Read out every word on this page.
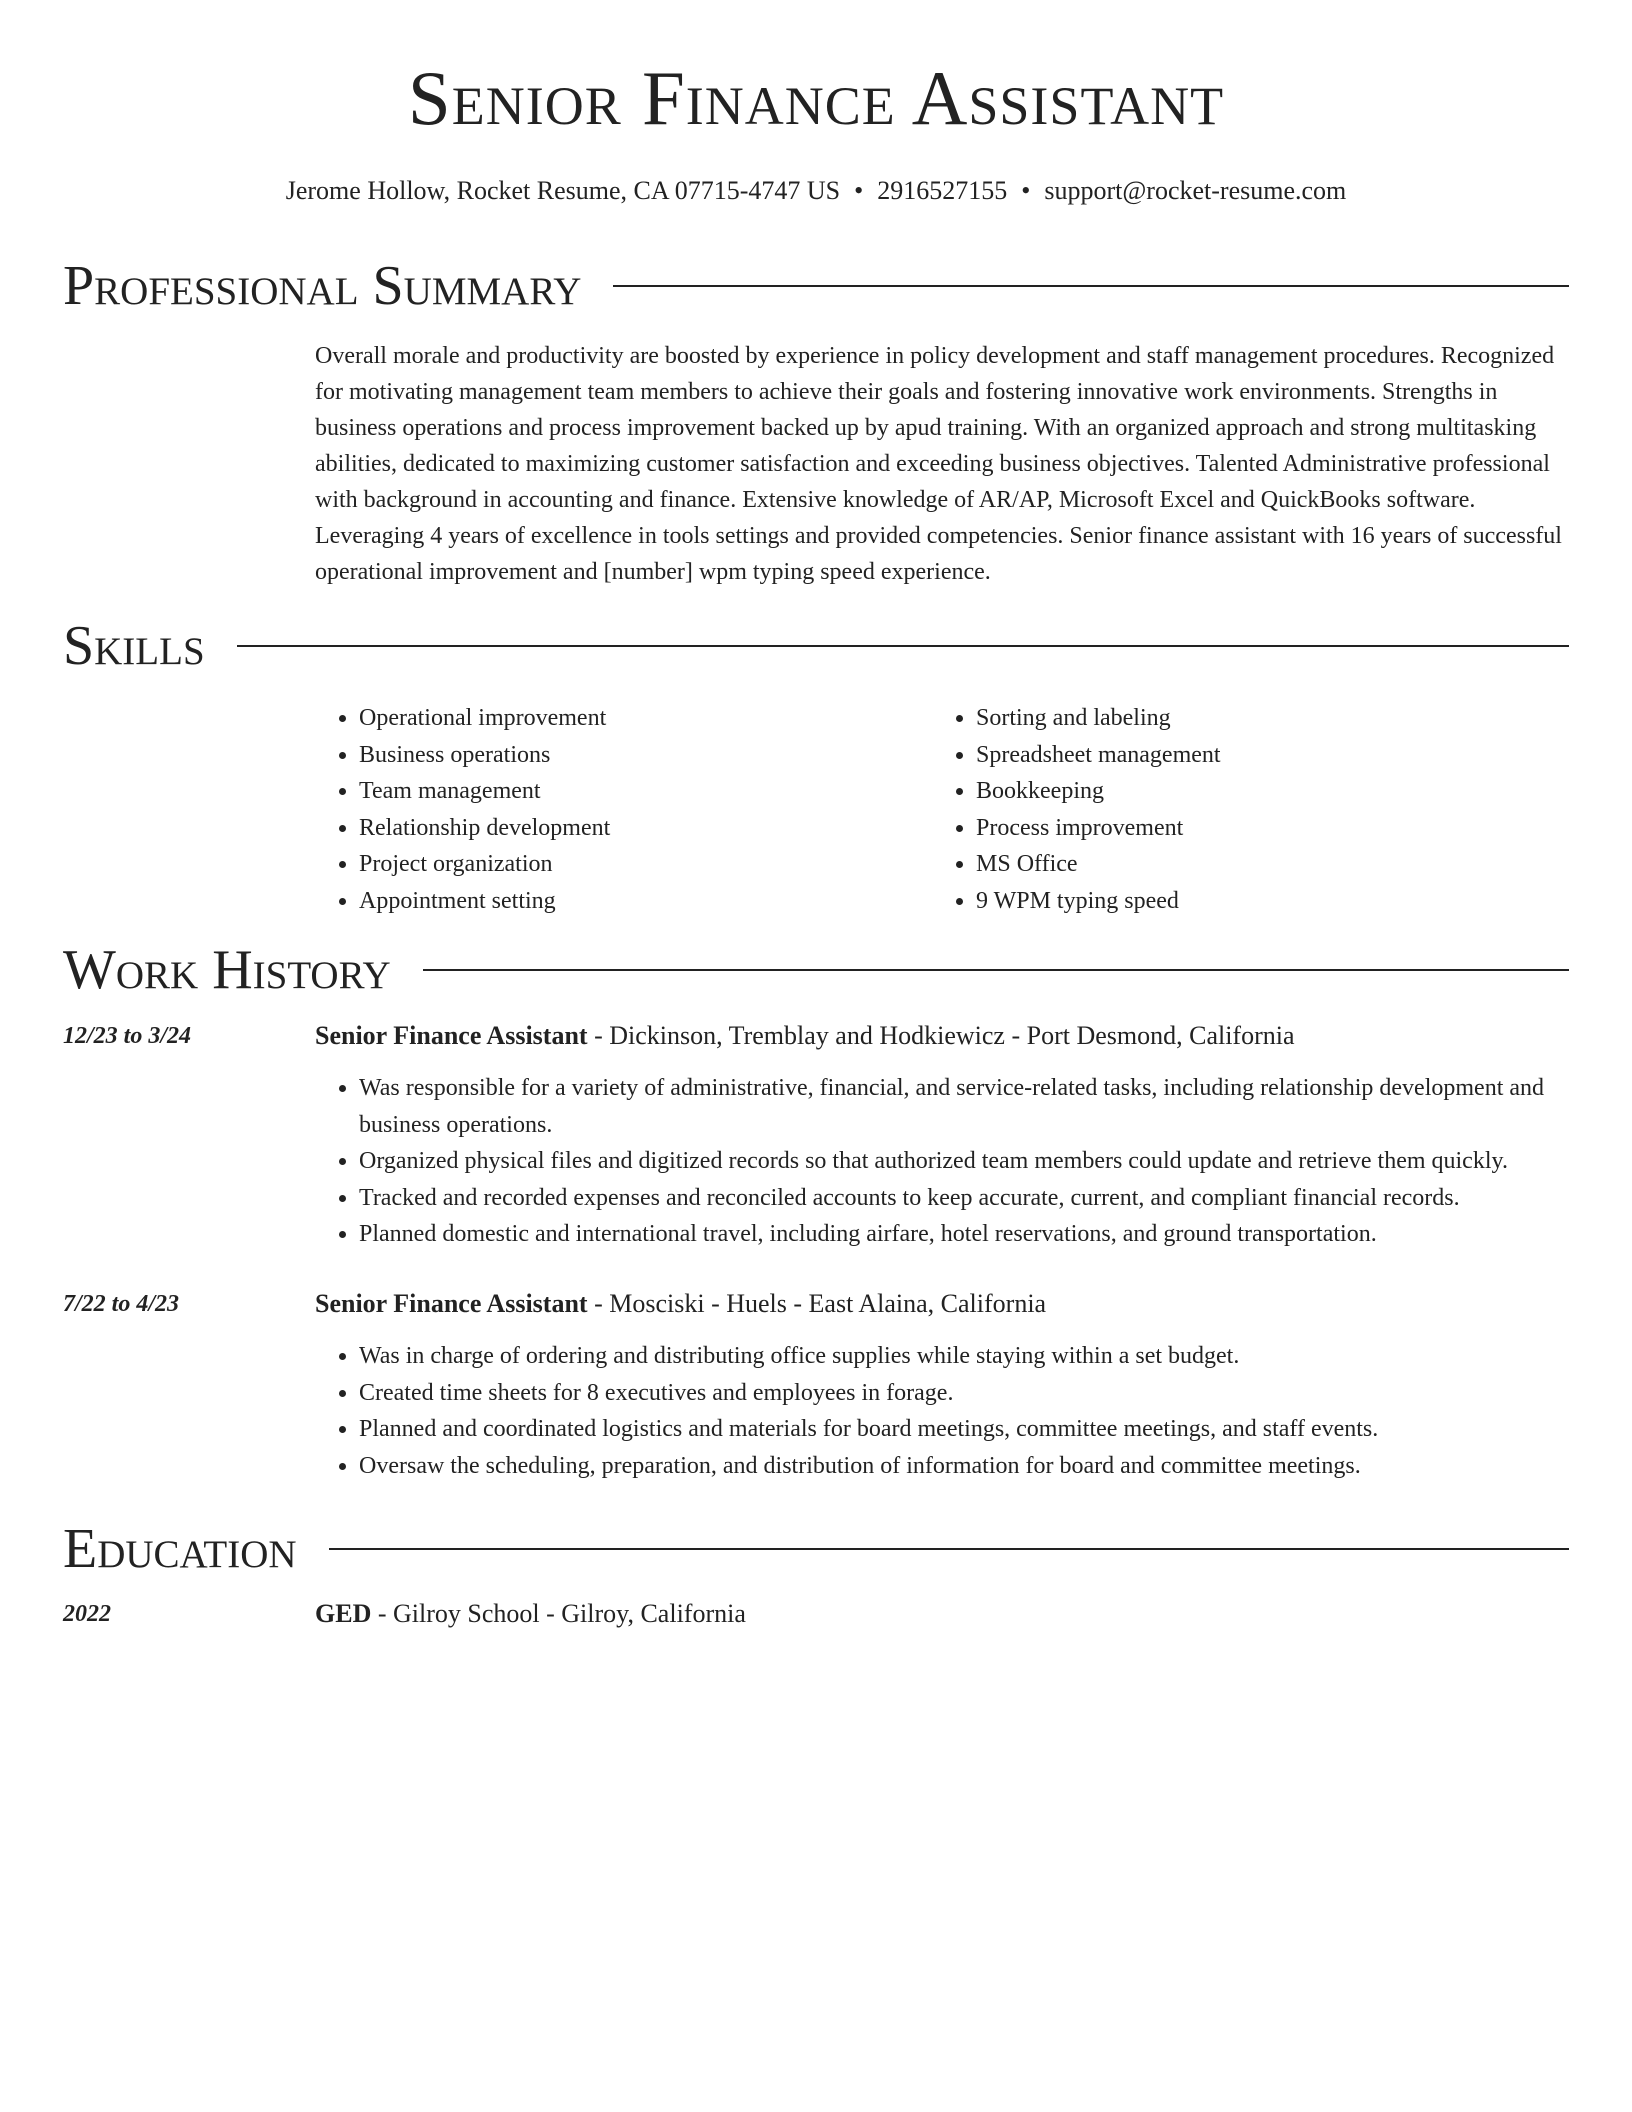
Senior Finance Assistant
Jerome Hollow, Rocket Resume, CA 07715-4747 US • 2916527155 • support@rocket-resume.com
Professional Summary

Overall morale and productivity are boosted by experience in policy development and staff management procedures. Recognized for motivating management team members to achieve their goals and fostering innovative work environments. Strengths in business operations and process improvement backed up by apud training. With an organized approach and strong multitasking abilities, dedicated to maximizing customer satisfaction and exceeding business objectives. Talented Administrative professional with background in accounting and finance. Extensive knowledge of AR/AP, Microsoft Excel and QuickBooks software. Leveraging 4 years of excellence in tools settings and provided competencies. Senior finance assistant with 16 years of successful operational improvement and [number] wpm typing speed experience.

Skills
• Operational improvement
• Business operations
• Team management
• Relationship development
• Project organization
• Appointment setting
• Sorting and labeling
• Spreadsheet management
• Bookkeeping
• Process improvement
• MS Office
• 9 WPM typing speed
Work History
12/23 to 3/24	Senior Finance Assistant - Dickinson, Tremblay and Hodkiewicz - Port Desmond, California
• Was responsible for a variety of administrative, financial, and service-related tasks, including relationship development and business operations.
• Organized physical files and digitized records so that authorized team members could update and retrieve them quickly.
• Tracked and recorded expenses and reconciled accounts to keep accurate, current, and compliant financial records.
• Planned domestic and international travel, including airfare, hotel reservations, and ground transportation.
7/22 to 4/23	Senior Finance Assistant - Mosciski - Huels - East Alaina, California
• Was in charge of ordering and distributing office supplies while staying within a set budget.
• Created time sheets for 8 executives and employees in forage.
• Planned and coordinated logistics and materials for board meetings, committee meetings, and staff events.
• Oversaw the scheduling, preparation, and distribution of information for board and committee meetings.
Education
2022	GED - Gilroy School - Gilroy, California
